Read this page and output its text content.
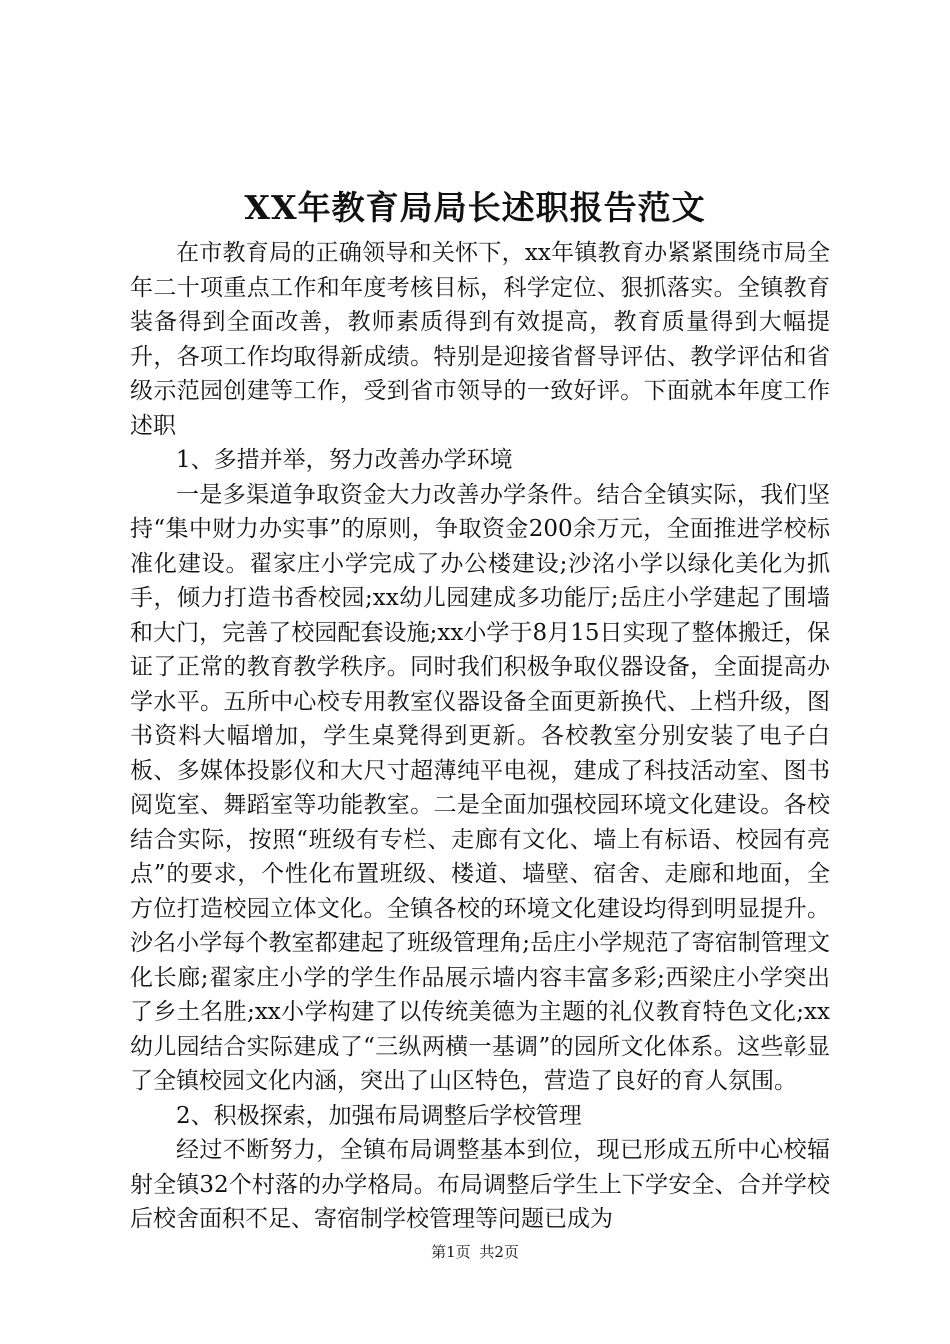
XX年教育局局长述职报告范文

在市教育局的正确领导和关怀下，xx年镇教育办紧紧围绕市局全年二十项重点工作和年度考核目标，科学定位、狠抓落实。全镇教育装备得到全面改善，教师素质得到有效提高，教育质量得到大幅提升，各项工作均取得新成绩。特别是迎接省督导评估、教学评估和省级示范园创建等工作，受到省市领导的一致好评。下面就本年度工作述职

1、多措并举，努力改善办学环境

一是多渠道争取资金大力改善办学条件。结合全镇实际，我们坚持“集中财力办实事”的原则，争取资金200余万元，全面推进学校标准化建设。翟家庄小学完成了办公楼建设;沙洺小学以绿化美化为抓手，倾力打造书香校园;xx幼儿园建成多功能厅;岳庄小学建起了围墙和大门，完善了校园配套设施;xx小学于8月15日实现了整体搬迁，保证了正常的教育教学秩序。同时我们积极争取仪器设备，全面提高办学水平。五所中心校专用教室仪器设备全面更新换代、上档升级，图书资料大幅增加，学生桌凳得到更新。各校教室分别安装了电子白板、多媒体投影仪和大尺寸超薄纯平电视，建成了科技活动室、图书阅览室、舞蹈室等功能教室。二是全面加强校园环境文化建设。各校结合实际，按照“班级有专栏、走廊有文化、墙上有标语、校园有亮点”的要求，个性化布置班级、楼道、墙壁、宿舍、走廊和地面，全方位打造校园立体文化。全镇各校的环境文化建设均得到明显提升。沙名小学每个教室都建起了班级管理角;岳庄小学规范了寄宿制管理文化长廊;翟家庄小学的学生作品展示墙内容丰富多彩;西梁庄小学突出了乡土名胜;xx小学构建了以传统美德为主题的礼仪教育特色文化;xx幼儿园结合实际建成了“三纵两横一基调”的园所文化体系。这些彰显了全镇校园文化内涵，突出了山区特色，营造了良好的育人氛围。

2、积极探索，加强布局调整后学校管理

经过不断努力，全镇布局调整基本到位，现已形成五所中心校辐射全镇32个村落的办学格局。布局调整后学生上下学安全、合并学校后校舍面积不足、寄宿制学校管理等问题已成为

第1页 共2页
